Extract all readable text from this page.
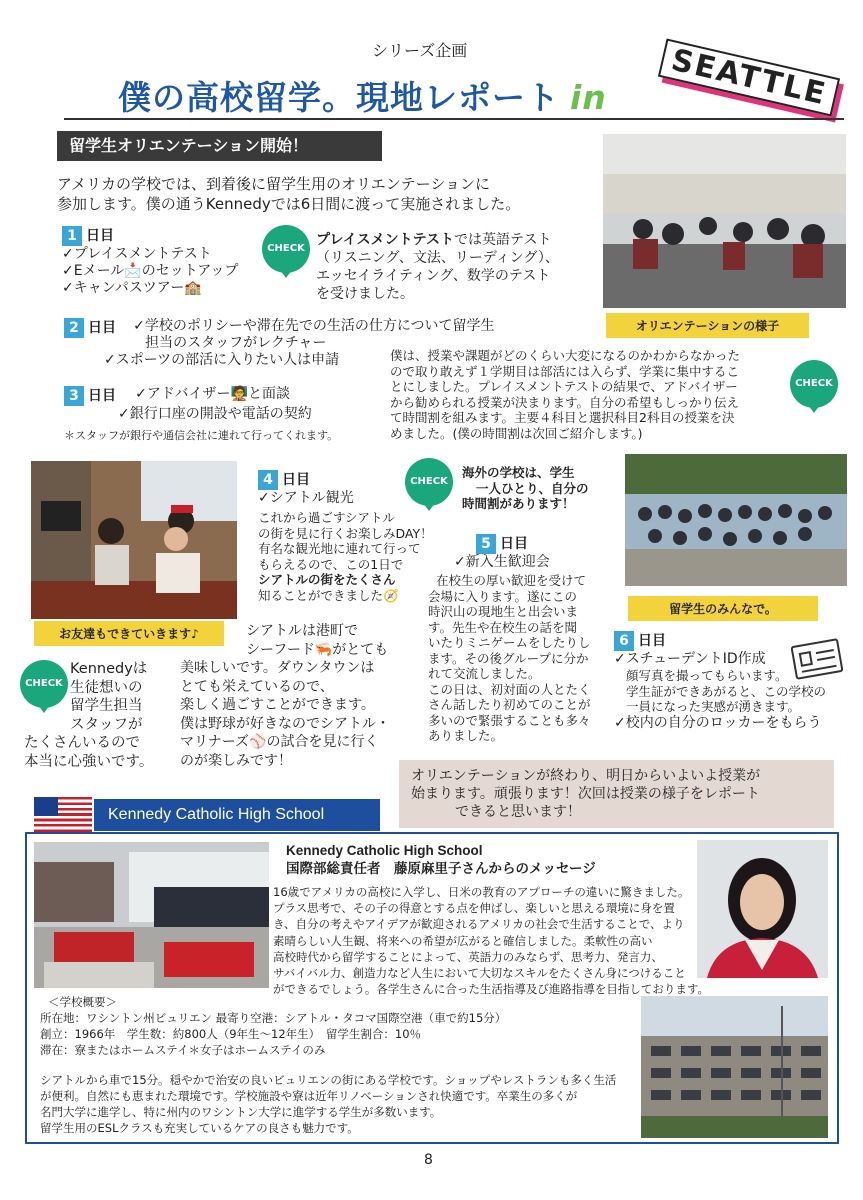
シリーズ企画
僕の高校留学。現地レポート in	SEATTLE
留学生オリエンテーション開始！

アメリカの学校では、到着後に留学生用のオリエンテーションに

参加します。僕の通うKennedyでは6日間に渡って実施されました。

オリエンテーションの様子
1 日目

✓プレイスメントテスト

✓Eメール📩のセットアップ

✓キャンパスツアー🏫

CHECK

プレイスメントテストでは英語テスト

（リスニング、文法、リーディング）、

エッセイライティング、数学のテスト

を受けました。

2 日目 ✓学校のポリシーや滞在先での生活の仕方について留学生

担当のスタッフがレクチャー

✓スポーツの部活に入りたい人は申請

3 日目 ✓アドバイザー🧑‍🏫と面談

✓銀行口座の開設や電話の契約

＊スタッフが銀行や通信会社に連れて行ってくれます。

僕は、授業や課題がどのくらい大変になるのかわからなかった

ので取り敢えず１学期目は部活には入らず、学業に集中するこ

とにしました。プレイスメントテストの結果で、アドバイザー

から勧められる授業が決まります。自分の希望もしっかり伝え

て時間割を組みます。主要４科目と選択科目2科目の授業を決

めました。(僕の時間割は次回ご紹介します。)

CHECK
お友達もできていきます♪
4 日目

✓シアトル観光

これから過ごすシアトル

の街を見に行くお楽しみDAY！

有名な観光地に連れて行って

もらえるので、この1日で

シアトルの街をたくさん

知ることができました🧭

CHECK

海外の学校は、学生

一人ひとり、自分の

時間割があります！

留学生のみんなで。
5 日目

✓新入生歓迎会

在校生の厚い歓迎を受けて

会場に入ります。遂にこの

時沢山の現地生と出会いま

す。先生や在校生の話を聞

いたりミニゲームをしたりし

ます。その後グループに分か

れて交流しました。

この日は、初対面の人とたく

さん話したり初めてのことが

多いので緊張することも多々

ありました。

シアトルは港町で

シーフード🦐がとても

美味しいです。ダウンタウンは

とても栄えているので、

楽しく過ごすことができます。

僕は野球が好きなのでシアトル・

マリナーズ⚾の試合を見に行く

のが楽しみです！

CHECK

Kennedyは

生徒想いの

留学生担当

スタッフが

たくさんいるので

本当に心強いです。

6 日目

✓スチューデントID作成

顔写真を撮ってもらいます。

学生証ができあがると、この学校の

一員になった実感が湧きます。

✓校内の自分のロッカーをもらう

オリエンテーションが終わり、明日からいよいよ授業が

始まります。頑張ります！次回は授業の様子をレポート

できると思います！

Kennedy Catholic High School

Kennedy Catholic High School

国際部総責任者　藤原麻里子さんからのメッセージ

16歳でアメリカの高校に入学し、日米の教育のアプローチの違いに驚きました。

プラス思考で、その子の得意とする点を伸ばし、楽しいと思える環境に身を置

き、自分の考えやアイデアが歓迎されるアメリカの社会で生活することで、より

素晴らしい人生観、将来への希望が広がると確信しました。柔軟性の高い

高校時代から留学することによって、英語力のみならず、思考力、発言力、

サバイバル力、創造力など人生において大切なスキルをたくさん身につけること

ができるでしょう。各学生さんに合った生活指導及び進路指導を目指しております。

＜学校概要＞

所在地：ワシントン州ビュリエン 最寄り空港：シアトル・タコマ国際空港（車で約15分）

創立：1966年　学生数：約800人（9年生〜12年生）　留学生割合：10％

滞在：寮またはホームステイ＊女子はホームステイのみ

シアトルから車で15分。穏やかで治安の良いビュリエンの街にある学校です。ショップやレストランも多く生活

が便利。自然にも恵まれた環境です。学校施設や寮は近年リノベーションされ快適です。卒業生の多くが

名門大学に進学し、特に州内のワシントン大学に進学する学生が多数います。

留学生用のESLクラスも充実しているケアの良さも魅力です。

8
